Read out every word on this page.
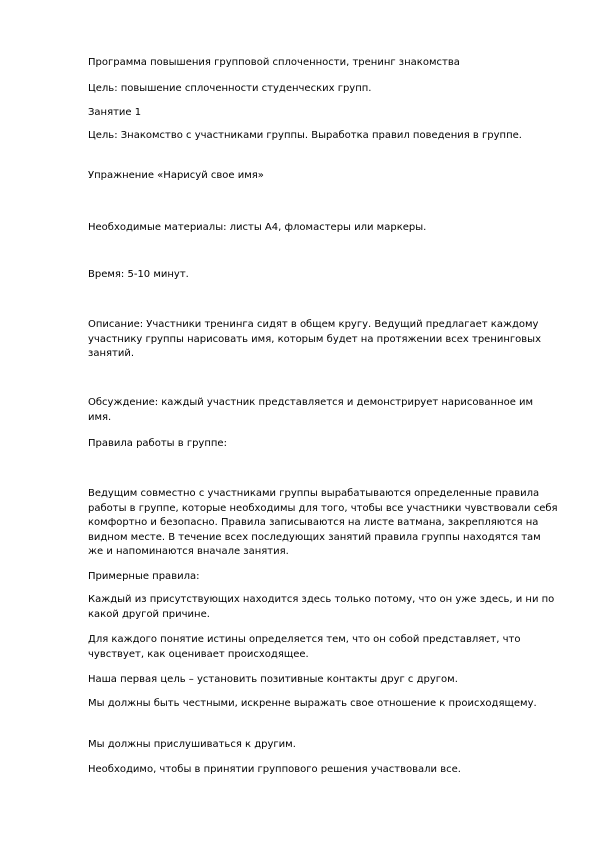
Программа повышения групповой сплоченности, тренинг знакомства

Цель: повышение сплоченности студенческих групп.

Занятие 1

Цель: Знакомство с участниками группы. Выработка правил поведения в группе.

Упражнение «Нарисуй свое имя»

Необходимые материалы: листы А4, фломастеры или маркеры.

Время: 5-10 минут.

Описание: Участники тренинга сидят в общем кругу. Ведущий предлагает каждому участнику группы нарисовать имя, которым будет на протяжении всех тренинговых занятий.

Обсуждение: каждый участник представляется и демонстрирует нарисованное им имя.

Правила работы в группе:

Ведущим совместно с участниками группы вырабатываются определенные правила работы в группе, которые необходимы для того, чтобы все участники чувствовали себя комфортно и безопасно. Правила записываются на листе ватмана, закрепляются на видном месте. В течение всех последующих занятий правила группы находятся там же и напоминаются вначале занятия.

Примерные правила:

Каждый из присутствующих находится здесь только потому, что он уже здесь, и ни по какой другой причине.

Для каждого понятие истины определяется тем, что он собой представляет, что чувствует, как оценивает происходящее.

Наша первая цель – установить позитивные контакты друг с другом.

Мы должны быть честными, искренне выражать свое отношение к происходящему.

Мы должны прислушиваться к другим.

Необходимо, чтобы в принятии группового решения участвовали все.
